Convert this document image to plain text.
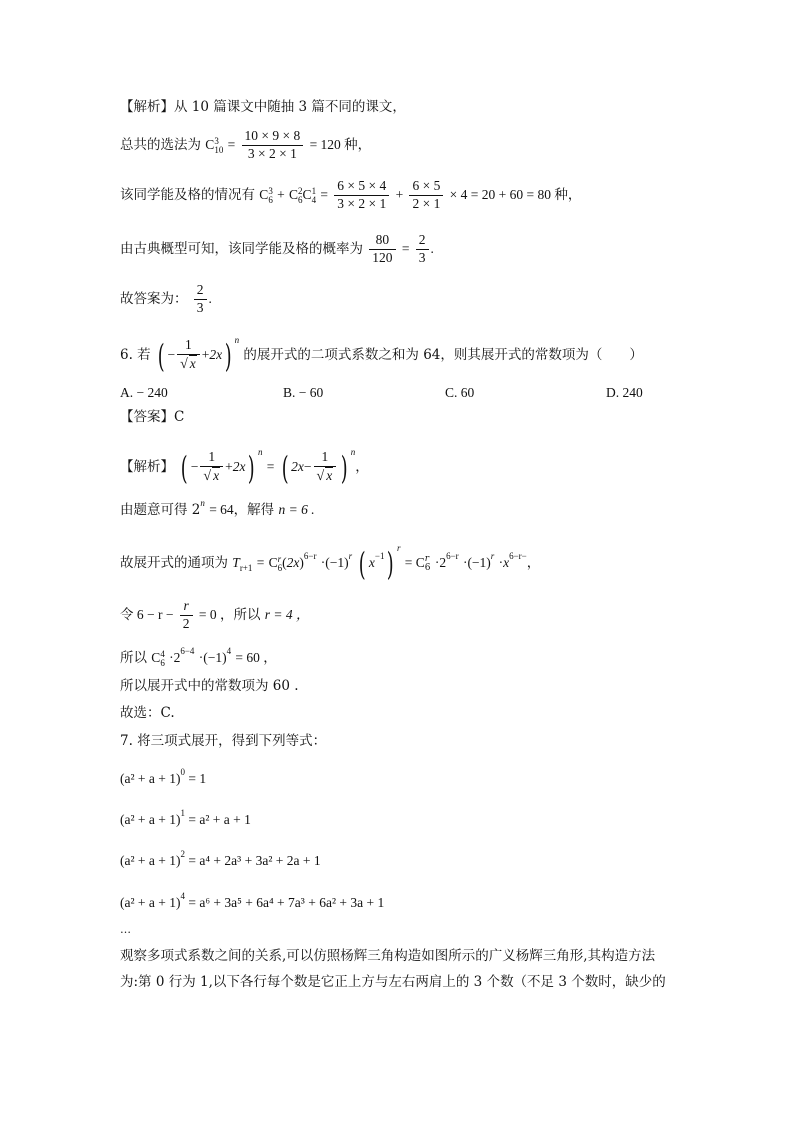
【解析】从 10 篇课文中随抽 3 篇不同的课文，
总共的选法为 C 3
$10 = \frac{10 \times 9 \times 8}{3 \times 2 \times 1} = 120$ 种，
该同学能及格的情况有 C 3
6 + C 2
6 C 1
$4 = \frac{6 \times 5 \times 4}{3 \times 2 \times 1} + \frac{6 \times 5}{2 \times 1} \times 4 = 20 + 60 = 80$ 种，
由古典概型可知，该同学能及格的概率为 $\frac{80}{120} = \frac{2}{3}$ .
故答案为： $\frac{2}{3}$ .
6. 若 ( − $\frac{1}{√ x} +2x$) $^n$ 的展开式的二项式系数之和为 64，则其展开式的常数项为（　　）
A. − 240	B. − 60	C. 60	D. 240
【答案】C
【解析】 ( − $\frac{1}{√ x} +2x$) $^n$ = ( $2x- \frac{1}{√ x}$ ) $^n$，
由题意可得 $2^n = 64$，解得 n = 6 .
故展开式的通项为 $T_{r+1} = C$ r
6 $(2x)^{6-r} \cdot(-1)^r$ ( $x^{-1}$) $^r$ = C r
$6 \cdot 2^{6-r} \cdot(-1)^r \cdot x^{6-r-}$，
令 $6 - r - \frac{r}{2} = 0$ ，所以 r = 4 ，
所以 C 4
$6 \cdot 2^{6-4} \cdot(-1)^4 = 60$ ，
所以展开式中的常数项为 60 .
故选：C.
7. 将三项式展开，得到下列等式：
$(a^2 + a + 1)^0 = 1$
$(a^2 + a + 1)^1 = a^2 + a + 1$
$(a^2 + a + 1)^2 = a^4 + 2a^3 + 3a^2 + 2a + 1$
$(a^2 + a + 1)^4 = a^6 + 3a^5 + 6a^4 + 7a^3 + 6a^2 + 3a + 1$
…
观察多项式系数之间的关系,可以仿照杨辉三角构造如图所示的广义杨辉三角形,其构造方法
为:第 0 行为 1,以下各行每个数是它正上方与左右两肩上的 3 个数（不足 3 个数时，缺少的
